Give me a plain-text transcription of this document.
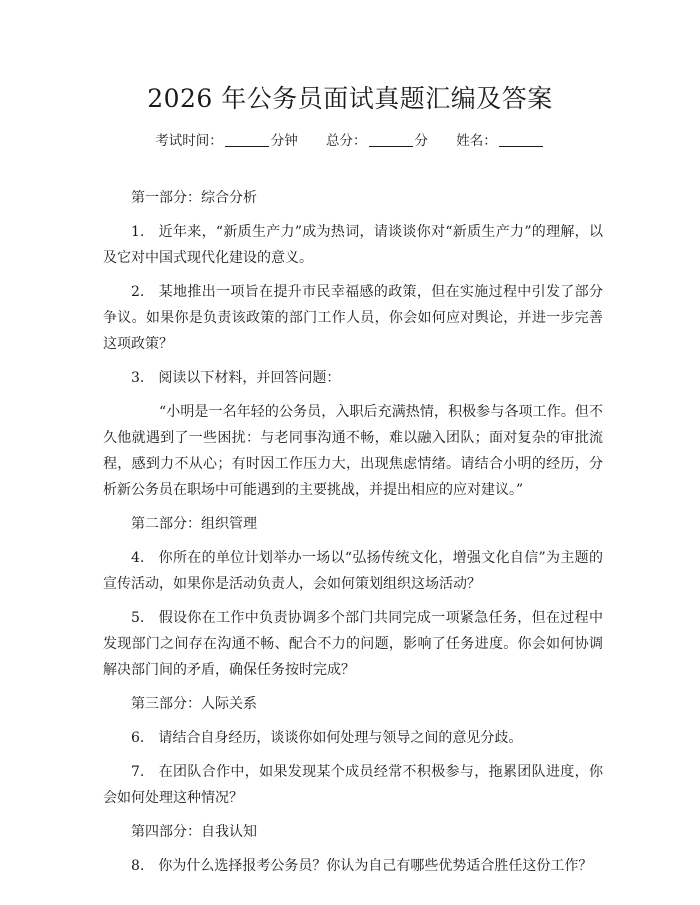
2026 年公务员面试真题汇编及答案
考试时间：	分钟 总分：	分 姓名：

第一部分：综合分析

1. 近年来，“新质生产力”成为热词，请谈谈你对“新质生产力”的理解，以及它对中国式现代化建设的意义。

2. 某地推出一项旨在提升市民幸福感的政策，但在实施过程中引发了部分争议。如果你是负责该政策的部门工作人员，你会如何应对舆论，并进一步完善这项政策？

3. 阅读以下材料，并回答问题：

“小明是一名年轻的公务员，入职后充满热情，积极参与各项工作。但不久他就遇到了一些困扰：与老同事沟通不畅，难以融入团队；面对复杂的审批流程，感到力不从心；有时因工作压力大，出现焦虑情绪。请结合小明的经历，分析新公务员在职场中可能遇到的主要挑战，并提出相应的应对建议。”

第二部分：组织管理

4. 你所在的单位计划举办一场以“弘扬传统文化，增强文化自信”为主题的宣传活动，如果你是活动负责人，会如何策划组织这场活动？

5. 假设你在工作中负责协调多个部门共同完成一项紧急任务，但在过程中发现部门之间存在沟通不畅、配合不力的问题，影响了任务进度。你会如何协调解决部门间的矛盾，确保任务按时完成？

第三部分：人际关系

6. 请结合自身经历，谈谈你如何处理与领导之间的意见分歧。

7. 在团队合作中，如果发现某个成员经常不积极参与，拖累团队进度，你会如何处理这种情况？

第四部分：自我认知

8. 你为什么选择报考公务员？你认为自己有哪些优势适合胜任这份工作？
